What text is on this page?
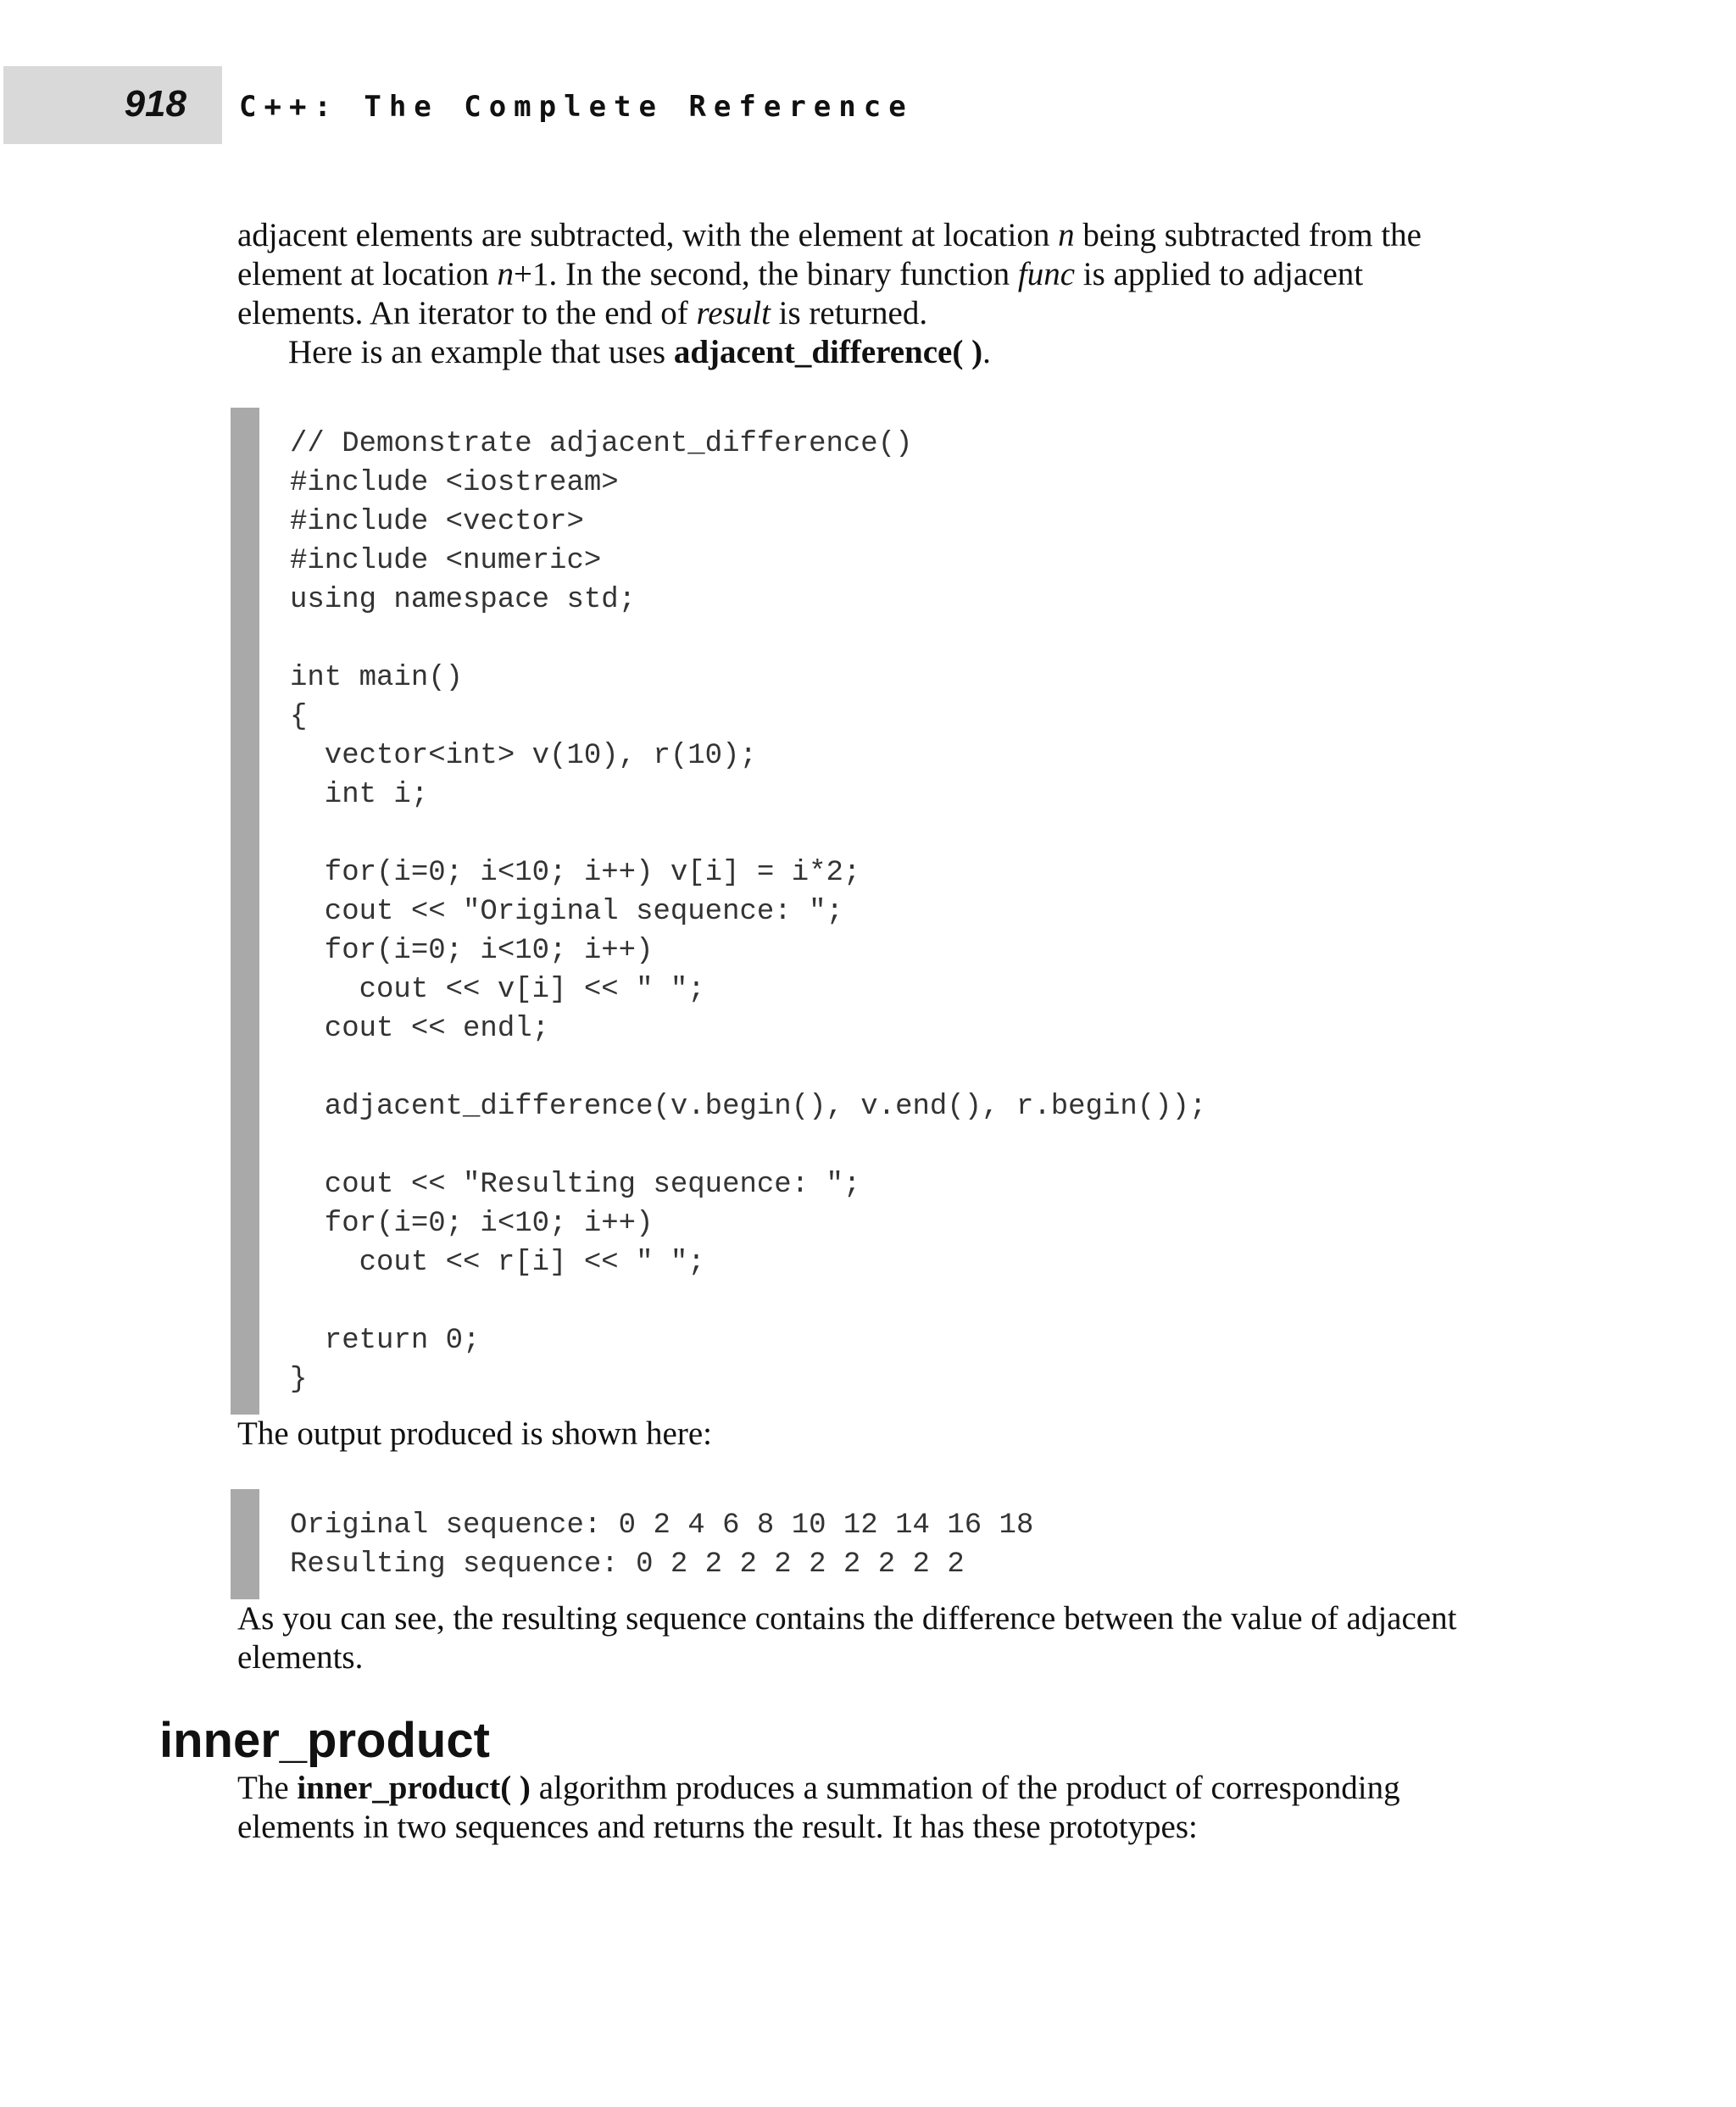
918 C++: The Complete Reference

adjacent elements are subtracted, with the element at location n being subtracted from the element at location n+1. In the second, the binary function func is applied to adjacent elements. An iterator to the end of result is returned.

Here is an example that uses adjacent_difference( ).

// Demonstrate adjacent_difference()
#include <iostream>
#include <vector>
#include <numeric>
using namespace std;

int main()
{
vector<int> v(10), r(10);
int i;

for(i=0; i<10; i++) v[i] = i*2;
cout << "Original sequence: ";
for(i=0; i<10; i++)
cout << v[i] << " ";
cout << endl;

adjacent_difference(v.begin(), v.end(), r.begin());

cout << "Resulting sequence: ";
for(i=0; i<10; i++)
cout << r[i] << " ";

return 0;
}

The output produced is shown here:

Original sequence: 0 2 4 6 8 10 12 14 16 18
Resulting sequence: 0 2 2 2 2 2 2 2 2 2

As you can see, the resulting sequence contains the difference between the value of adjacent elements.

inner_product

The inner_product( ) algorithm produces a summation of the product of corresponding elements in two sequences and returns the result. It has these prototypes:
